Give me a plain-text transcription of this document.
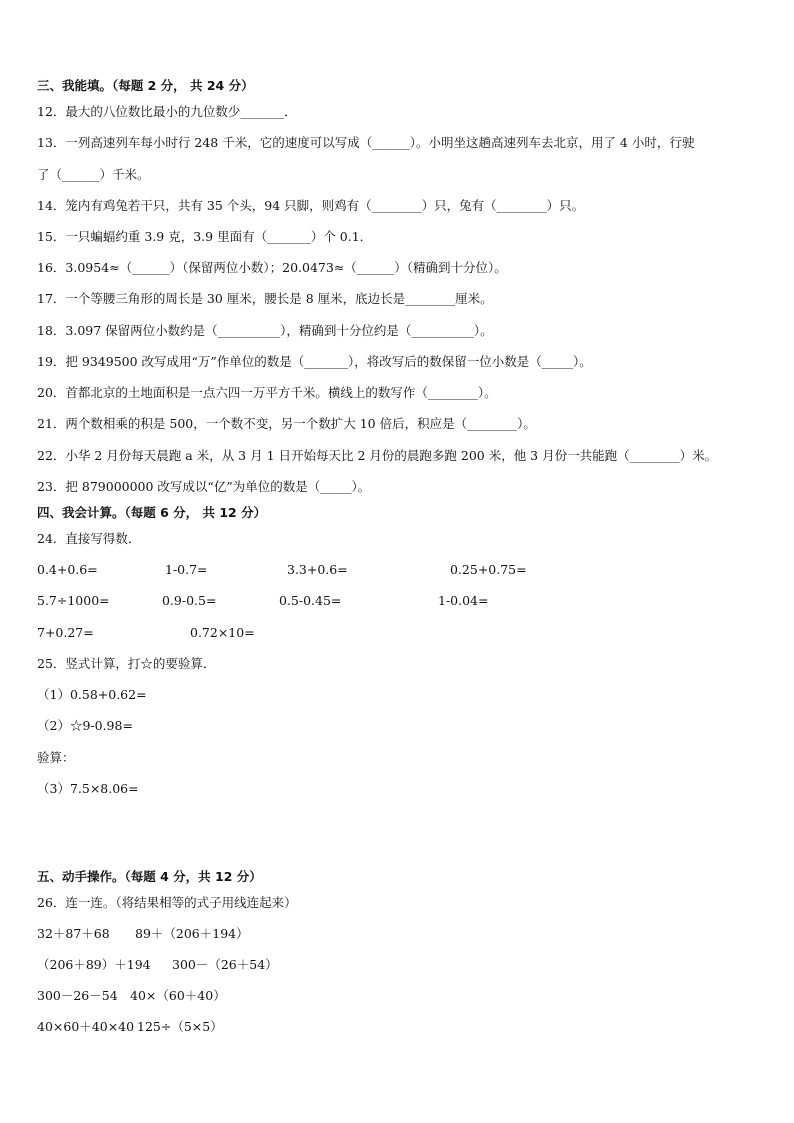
三、我能填。（每题 2 分， 共 24 分）
12．最大的八位数比最小的九位数少_______．
13．一列高速列车每小时行 248 千米，它的速度可以写成（______）。小明坐这趟高速列车去北京，用了 4 小时，行驶
了（______）千米。
14．笼内有鸡兔若干只，共有 35 个头，94 只脚，则鸡有（________）只，兔有（________）只。
15．一只蝙蝠约重 3.9 克，3.9 里面有（_______）个 0.1．
16．3.0954≈（______）（保留两位小数）；20.0473≈（______）（精确到十分位）。
17．一个等腰三角形的周长是 30 厘米，腰长是 8 厘米，底边长是________厘米。
18．3.097 保留两位小数约是（__________），精确到十分位约是（__________）。
19．把 9349500 改写成用“万”作单位的数是（_______），将改写后的数保留一位小数是（_____）。
20．首都北京的土地面积是一点六四一万平方千米。横线上的数写作（________）。
21．两个数相乘的积是 500，一个数不变，另一个数扩大 10 倍后，积应是（________）。
22．小华 2 月份每天晨跑 a 米，从 3 月 1 日开始每天比 2 月份的晨跑多跑 200 米，他 3 月份一共能跑（________）米。
23．把 879000000 改写成以“亿”为单位的数是（_____）。
四、我会计算。（每题 6 分， 共 12 分）
24．直接写得数．
0.4+0.6=	1-0.7=	3.3+0.6=	0.25+0.75=
5.7÷1000=	0.9-0.5=	0.5-0.45=	1-0.04=
7+0.27=	0.72×10=
25．竖式计算，打☆的要验算．
（1）0.58+0.62=
（2）☆9-0.98=
验算：
（3）7.5×8.06=
五、动手操作。（每题 4 分，共 12 分）
26．连一连。（将结果相等的式子用线连起来）
32＋87＋68 89＋（206＋194）
（206＋89）＋194 300－（26＋54）
300－26－54 40×（60＋40）
40×60＋40×40 125÷（5×5）
